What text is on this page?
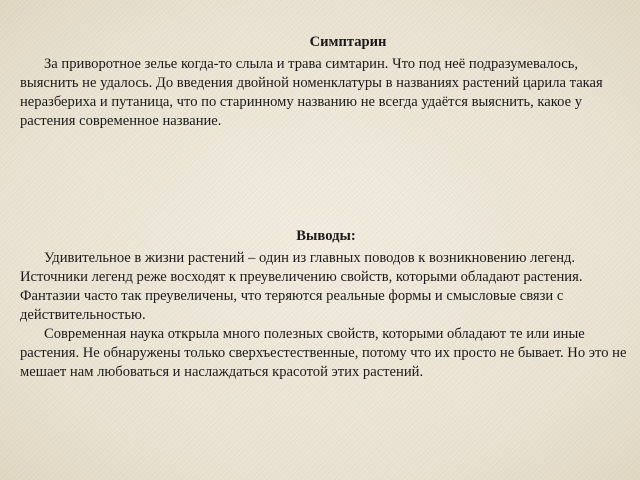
Симптарин

За приворотное зелье когда-то слыла и трава симтарин. Что под неё подразумевалось, выяснить не удалось. До введения двойной номенклатуры в названиях растений царила такая неразбериха и путаница, что по старинному названию не всегда удаётся выяснить, какое у растения современное название.

Выводы:

Удивительное в жизни растений – один из главных поводов к возникновению легенд. Источники легенд реже восходят к преувеличению свойств, которыми обладают растения. Фантазии часто так преувеличены, что теряются реальные формы и смысловые связи с действительностью.

Современная наука открыла много полезных свойств, которыми обладают те или иные растения. Не обнаружены только сверхъестественные, потому что их просто не бывает. Но это не мешает нам любоваться и наслаждаться красотой этих растений.
